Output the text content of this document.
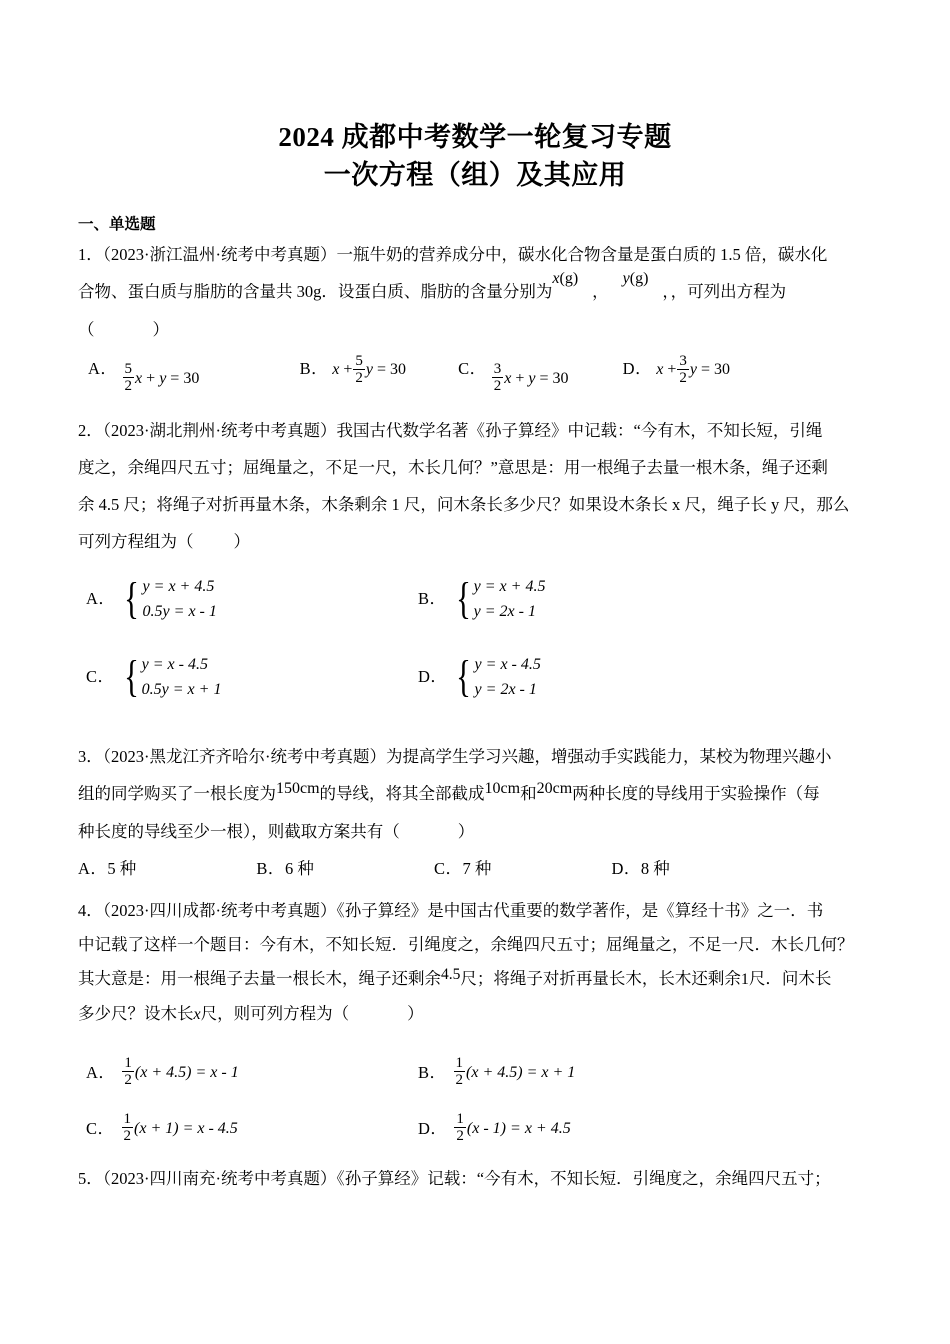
2024 成都中考数学一轮复习专题
一次方程（组）及其应用
一、单选题

1．（2023·浙江温州·统考中考真题）一瓶牛奶的营养成分中，碳水化合物含量是蛋白质的 1.5 倍，碳水化

合物、蛋白质与脂肪的含量共 30g．设蛋白质、脂肪的含量分别为x(g)，y(g)，，可列出方程为

（	）

A． $\frac{5}{2}$ x + y = 30	B． $x + \frac{5}{2}$ y = 30	C． $\frac{3}{2}$ x + y = 30	D． $x + \frac{3}{2}$ y = 30

2．（2023·湖北荆州·统考中考真题）我国古代数学名著《孙子算经》中记载：“今有木，不知长短，引绳

度之，余绳四尺五寸；屈绳量之，不足一尺，木长几何？”意思是：用一根绳子去量一根木条，绳子还剩

余 4.5 尺；将绳子对折再量木条，木条剩余 1 尺，问木条长多少尺？如果设木条长 x 尺，绳子长 y 尺，那么

可列方程组为（ ）

A． { y = x + 4.5
0.5y = x - 1
B． { y = x + 4.5
y = 2x - 1
C． { y = x - 4.5
0.5y = x + 1
D． { y = x - 4.5
y = 2x - 1

3．（2023·黑龙江齐齐哈尔·统考中考真题）为提高学生学习兴趣，增强动手实践能力，某校为物理兴趣小

组的同学购买了一根长度为150cm的导线，将其全部截成10cm和20cm两种长度的导线用于实验操作（每

种长度的导线至少一根），则截取方案共有（	）

A．5 种	B．6 种	C．7 种	D．8 种

4．（2023·四川成都·统考中考真题）《孙子算经》是中国古代重要的数学著作，是《算经十书》之一．书

中记载了这样一个题目：今有木，不知长短．引绳度之，余绳四尺五寸；屈绳量之，不足一尺．木长几何？

其大意是：用一根绳子去量一根长木，绳子还剩余4.5尺；将绳子对折再量长木，长木还剩余1尺．问木长

多少尺？设木长x尺，则可列方程为（	）

A． $\frac{1}{2} (x + 4.5)$
= x - 1	B． $\frac{1}{2} (x + 4.5)$
= x + 1
C． $\frac{1}{2} (x + 1)$
= x - 4.5	D． $\frac{1}{2} (x - 1)$
= x + 4.5

5．（2023·四川南充·统考中考真题）《孙子算经》记载：“今有木，不知长短．引绳度之，余绳四尺五寸；
